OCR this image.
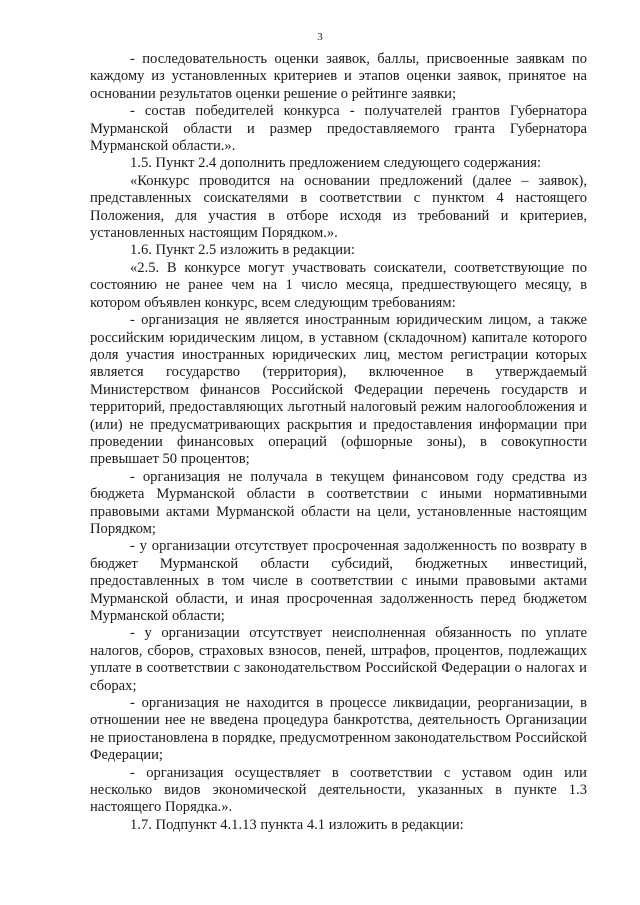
3

- последовательность оценки заявок, баллы, присвоенные заявкам по каждому из установленных критериев и этапов оценки заявок, принятое на основании результатов оценки решение о рейтинге заявки;

- состав победителей конкурса - получателей грантов Губернатора Мурманской области и размер предоставляемого гранта Губернатора Мурманской области.».

1.5. Пункт 2.4 дополнить предложением следующего содержания:

«Конкурс проводится на основании предложений (далее – заявок), представленных соискателями в соответствии с пунктом 4 настоящего Положения, для участия в отборе исходя из требований и критериев, установленных настоящим Порядком.».

1.6. Пункт 2.5 изложить в редакции:

«2.5. В конкурсе могут участвовать соискатели, соответствующие по состоянию не ранее чем на 1 число месяца, предшествующего месяцу, в котором объявлен конкурс, всем следующим требованиям:

- организация не является иностранным юридическим лицом, а также российским юридическим лицом, в уставном (складочном) капитале которого доля участия иностранных юридических лиц, местом регистрации которых является государство (территория), включенное в утверждаемый Министерством финансов Российской Федерации перечень государств и территорий, предоставляющих льготный налоговый режим налогообложения и (или) не предусматривающих раскрытия и предоставления информации при проведении финансовых операций (офшорные зоны), в совокупности превышает 50 процентов;

- организация не получала в текущем финансовом году средства из бюджета Мурманской области в соответствии с иными нормативными правовыми актами Мурманской области на цели, установленные настоящим Порядком;

- у организации отсутствует просроченная задолженность по возврату в бюджет Мурманской области субсидий, бюджетных инвестиций, предоставленных в том числе в соответствии с иными правовыми актами Мурманской области, и иная просроченная задолженность перед бюджетом Мурманской области;

- у организации отсутствует неисполненная обязанность по уплате налогов, сборов, страховых взносов, пеней, штрафов, процентов, подлежащих уплате в соответствии с законодательством Российской Федерации о налогах и сборах;

- организация не находится в процессе ликвидации, реорганизации, в отношении нее не введена процедура банкротства, деятельность Организации не приостановлена в порядке, предусмотренном законодательством Российской Федерации;

- организация осуществляет в соответствии с уставом один или несколько видов экономической деятельности, указанных в пункте 1.3 настоящего Порядка.».

1.7. Подпункт 4.1.13 пункта 4.1 изложить в редакции:
